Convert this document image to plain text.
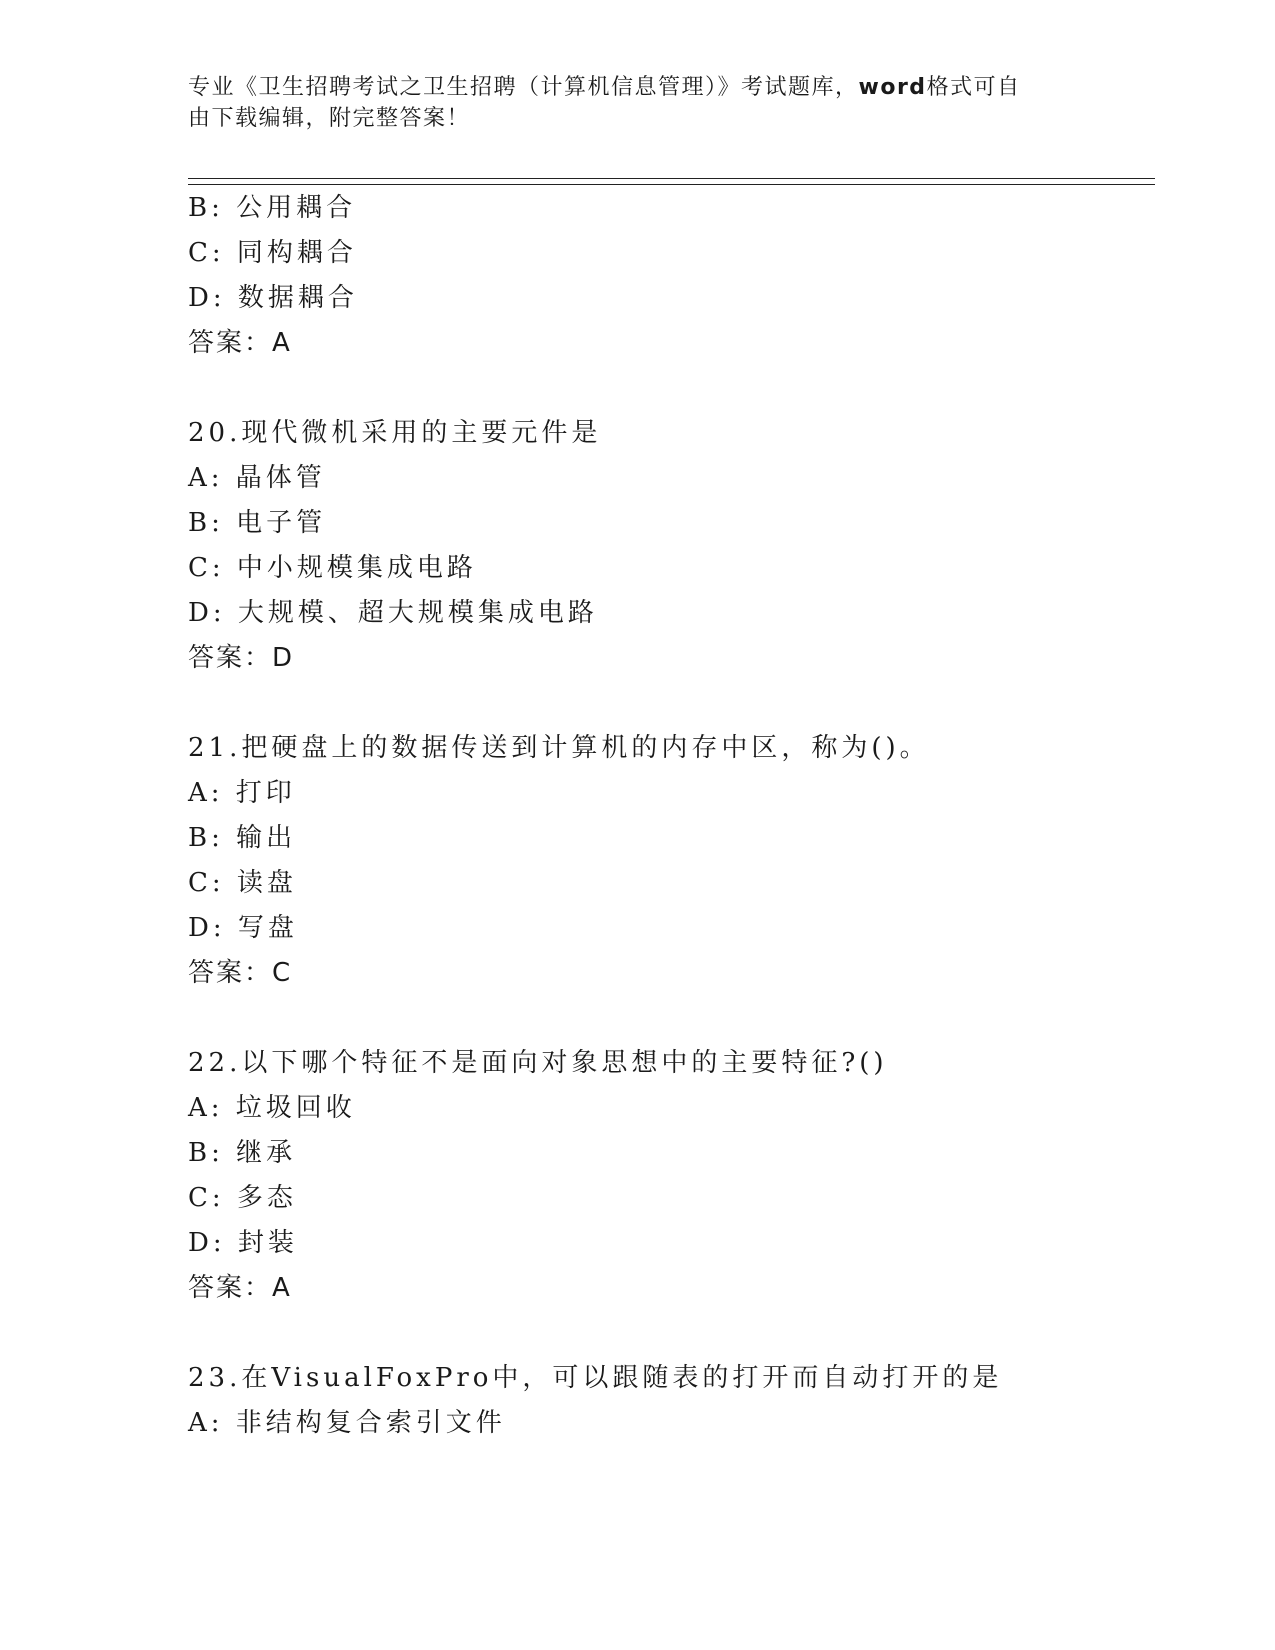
专业《卫生招聘考试之卫生招聘（计算机信息管理）》考试题库，word格式可自
由下载编辑，附完整答案！
B: 公用耦合
C: 同构耦合
D: 数据耦合
答案：A
20.现代微机采用的主要元件是
A: 晶体管
B: 电子管
C: 中小规模集成电路
D: 大规模、超大规模集成电路
答案：D
21.把硬盘上的数据传送到计算机的内存中区，称为()。
A: 打印
B: 输出
C: 读盘
D: 写盘
答案：C
22.以下哪个特征不是面向对象思想中的主要特征?()
A: 垃圾回收
B: 继承
C: 多态
D: 封装
答案：A
23.在VisualFoxPro中，可以跟随表的打开而自动打开的是
A: 非结构复合索引文件
